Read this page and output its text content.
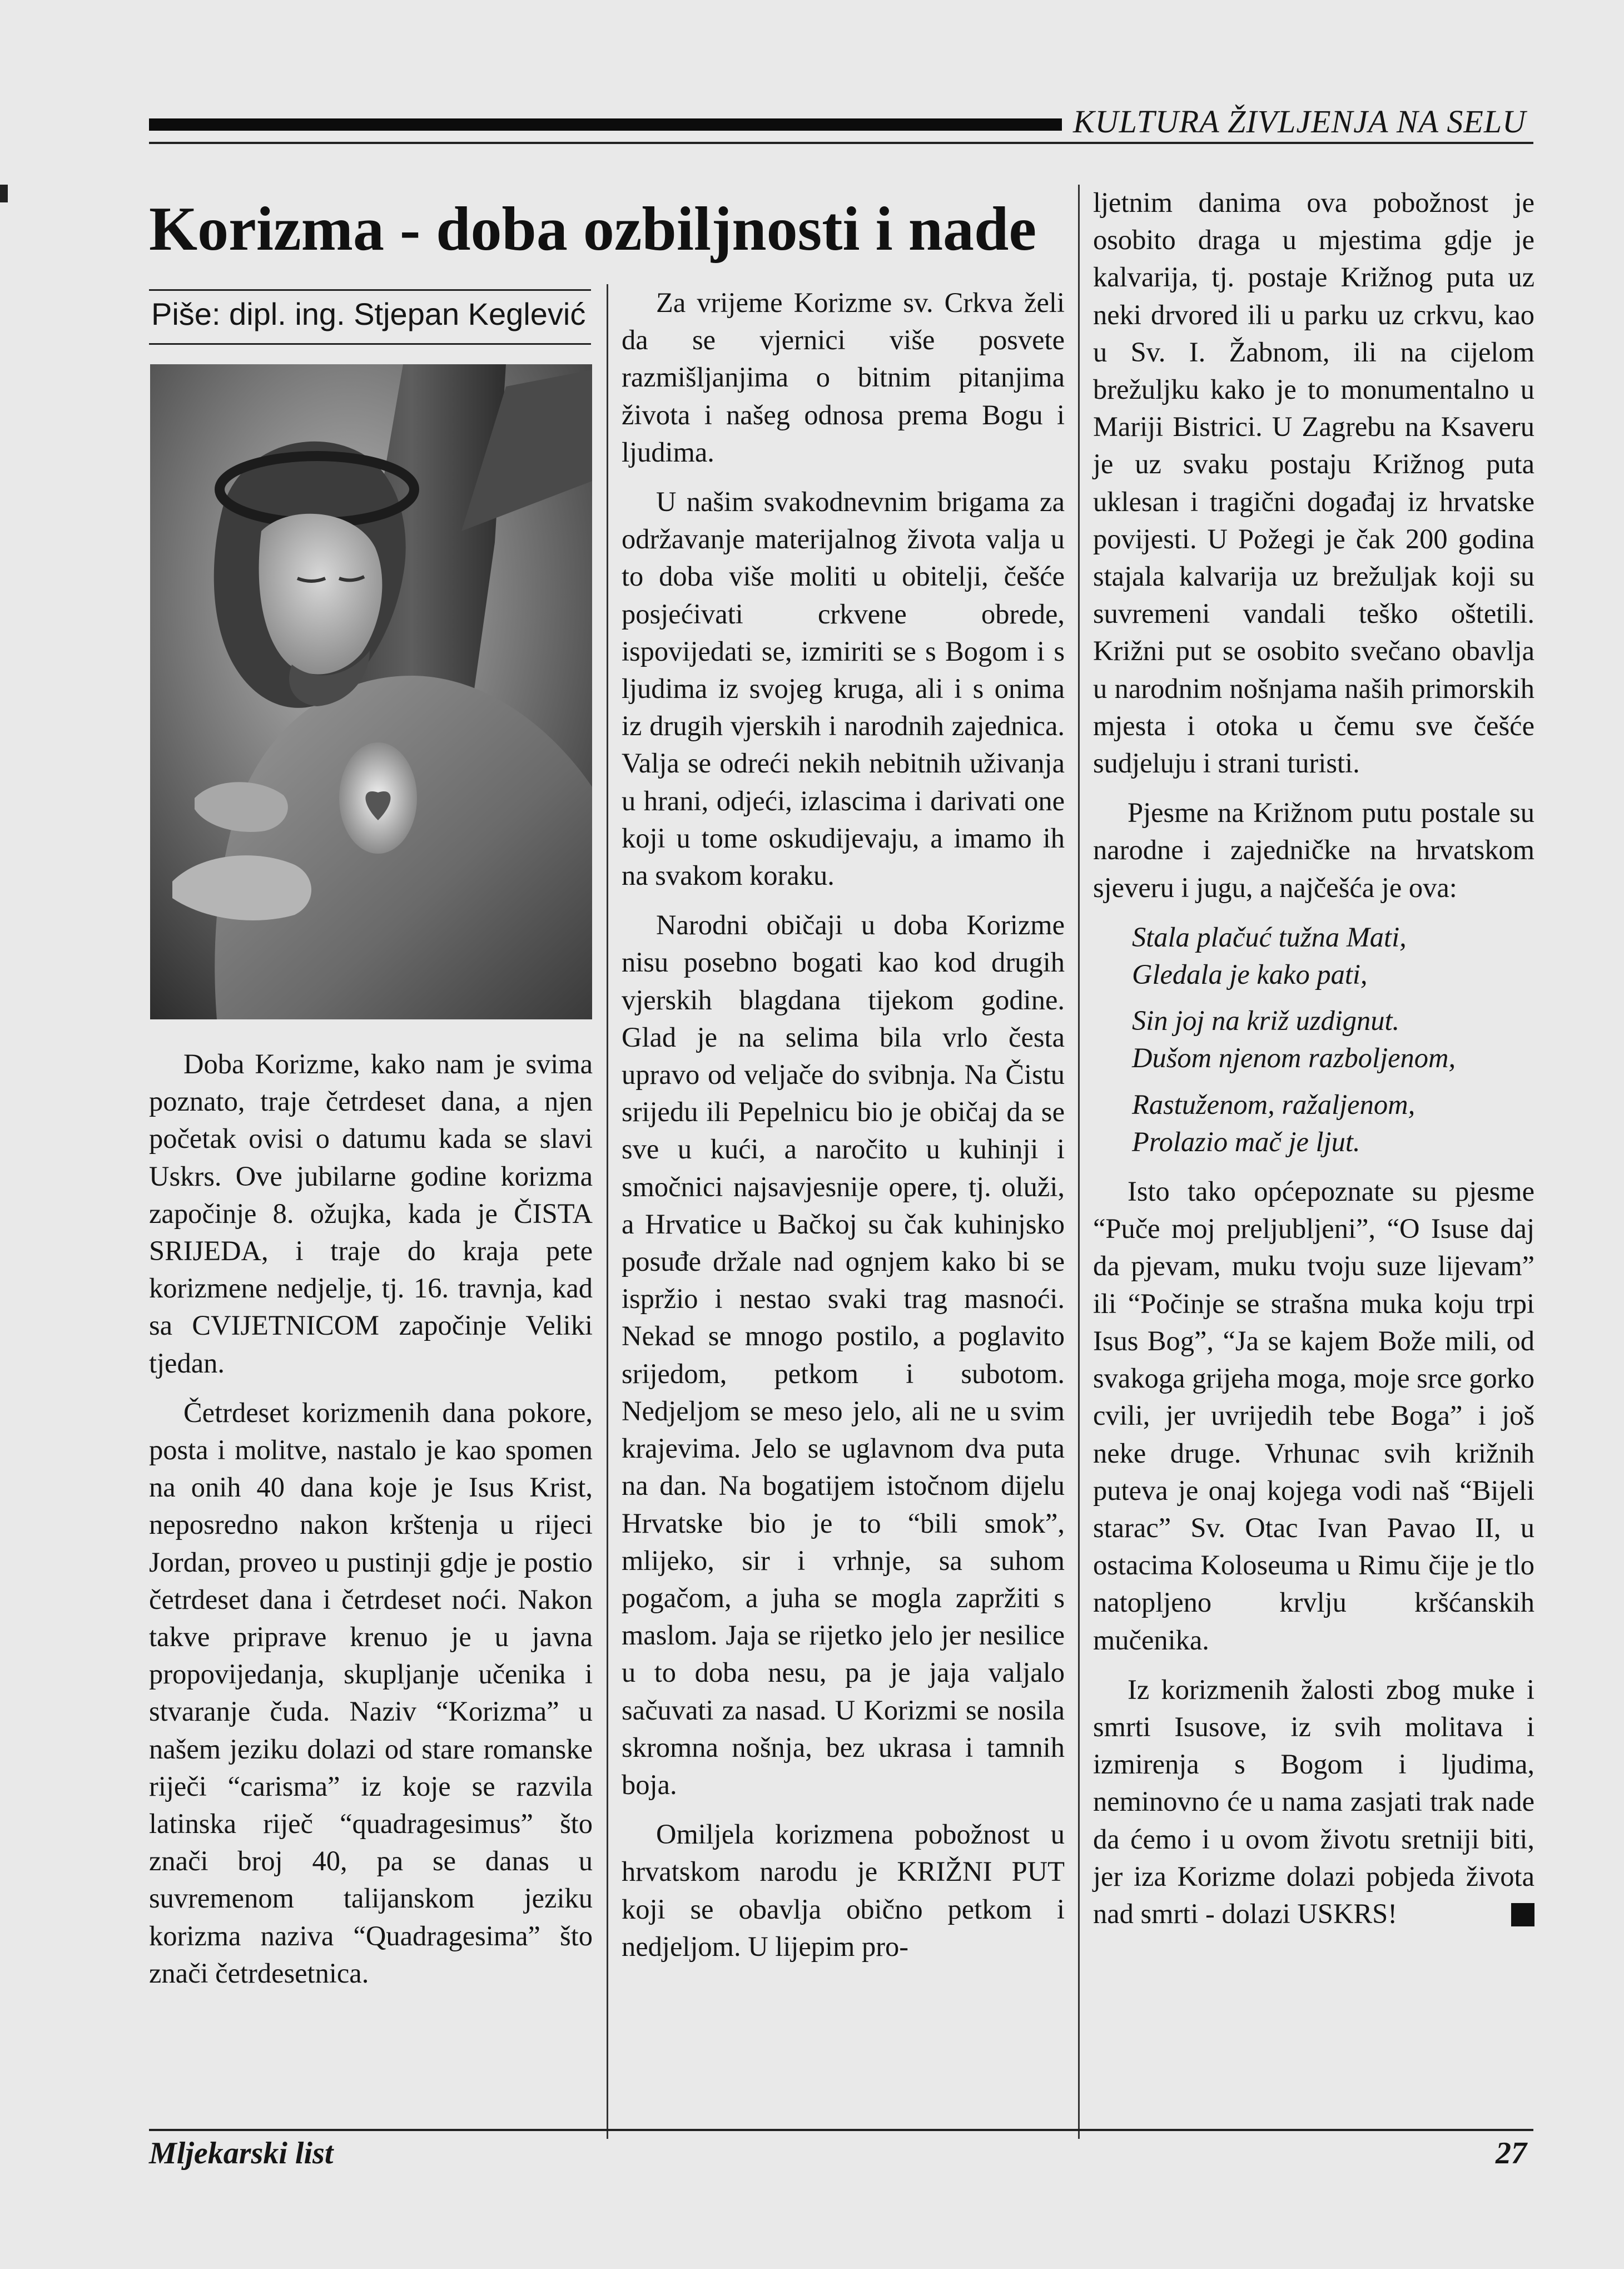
KULTURA ŽIVLJENJA NA SELU
Korizma - doba ozbiljnosti i nade
Piše: dipl. ing. Stjepan Keglević

Doba Korizme, kako nam je svima poznato, traje četrdeset dana, a njen početak ovisi o datumu kada se slavi Uskrs. Ove jubilarne godine korizma započinje 8. ožujka, kada je ČISTA SRIJEDA, i traje do kraja pete korizmene nedjelje, tj. 16. travnja, kad sa CVIJETNICOM započinje Veliki tjedan.

Četrdeset korizmenih dana pokore, posta i molitve, nastalo je kao spomen na onih 40 dana koje je Isus Krist, neposredno nakon krštenja u rijeci Jordan, proveo u pustinji gdje je postio četrdeset dana i četrdeset noći. Nakon takve priprave krenuo je u javna propovijedanja, skupljanje učenika i stvaranje čuda. Naziv “Korizma” u našem jeziku dolazi od stare romanske riječi “carisma” iz koje se razvila latinska riječ “quadragesimus” što znači broj 40, pa se danas u suvremenom talijanskom jeziku korizma naziva “Quadragesima” što znači četrdesetnica.

Za vrijeme Korizme sv. Crkva želi da se vjernici više posvete razmišljanjima o bitnim pitanjima života i našeg odnosa prema Bogu i ljudima.

U našim svakodnevnim brigama za održavanje materijalnog života valja u to doba više moliti u obitelji, češće posjećivati crkvene obrede, ispovijedati se, izmiriti se s Bogom i s ljudima iz svojeg kruga, ali i s onima iz drugih vjerskih i narodnih zajednica. Valja se odreći nekih nebitnih uživanja u hrani, odjeći, izlascima i darivati one koji u tome oskudijevaju, a imamo ih na svakom koraku.

Narodni običaji u doba Korizme nisu posebno bogati kao kod drugih vjerskih blagdana tijekom godine. Glad je na selima bila vrlo česta upravo od veljače do svibnja. Na Čistu srijedu ili Pepelnicu bio je običaj da se sve u kući, a naročito u kuhinji i smočnici najsavjesnije opere, tj. oluži, a Hrvatice u Bačkoj su čak kuhinjsko posuđe držale nad ognjem kako bi se ispržio i nestao svaki trag masnoći. Nekad se mnogo postilo, a poglavito srijedom, petkom i subotom. Nedjeljom se meso jelo, ali ne u svim krajevima. Jelo se uglavnom dva puta na dan. Na bogatijem istočnom dijelu Hrvatske bio je to “bili smok”, mlijeko, sir i vrhnje, sa suhom pogačom, a juha se mogla zapržiti s maslom. Jaja se rijetko jelo jer nesilice u to doba nesu, pa je jaja valjalo sačuvati za nasad. U Korizmi se nosila skromna nošnja, bez ukrasa i tamnih boja.

Omiljela korizmena pobožnost u hrvatskom narodu je KRIŽNI PUT koji se obavlja obično petkom i nedjeljom. U lijepim pro-

ljetnim danima ova pobožnost je osobito draga u mjestima gdje je kalvarija, tj. postaje Križnog puta uz neki drvored ili u parku uz crkvu, kao u Sv. I. Žabnom, ili na cijelom brežuljku kako je to monumentalno u Mariji Bistrici. U Zagrebu na Ksaveru je uz svaku postaju Križnog puta uklesan i tragični događaj iz hrvatske povijesti. U Požegi je čak 200 godina stajala kalvarija uz brežuljak koji su suvremeni vandali teško oštetili. Križni put se osobito svečano obavlja u narodnim nošnjama naših primorskih mjesta i otoka u čemu sve češće sudjeluju i strani turisti.

Pjesme na Križnom putu postale su narodne i zajedničke na hrvatskom sjeveru i jugu, a najčešća je ova:

Stala plačuć tužna Mati,
Gledala je kako pati,
Sin joj na križ uzdignut.
Dušom njenom razboljenom,
Rastuženom, ražaljenom,
Prolazio mač je ljut.

Isto tako općepoznate su pjesme “Puče moj preljubljeni”, “O Isuse daj da pjevam, muku tvoju suze lijevam” ili “Počinje se strašna muka koju trpi Isus Bog”, “Ja se kajem Bože mili, od svakoga grijeha moga, moje srce gorko cvili, jer uvrijedih tebe Boga” i još neke druge. Vrhunac svih križnih puteva je onaj kojega vodi naš “Bijeli starac” Sv. Otac Ivan Pavao II, u ostacima Koloseuma u Rimu čije je tlo natopljeno krvlju kršćanskih mučenika.

Iz korizmenih žalosti zbog muke i smrti Isusove, iz svih molitava i izmirenja s Bogom i ljudima, neminovno će u nama zasjati trak nade da ćemo i u ovom životu sretniji biti, jer iza Korizme dolazi pobjeda života nad smrti - dolazi USKRS!

Mljekarski list	27
